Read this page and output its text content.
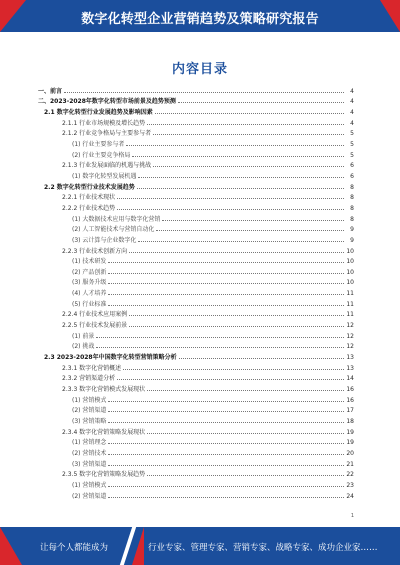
数字化转型企业营销趋势及策略研究报告
内容目录
一、前言	4
二、2023-2028年数字化转型市场前景及趋势预测	4
2.1 数字化转型行业发展趋势及影响因素	4
2.1.1 行业市场规模及增长趋势	4
2.1.2 行业竞争格局与主要参与者	5
(1) 行业主要参与者	5
(2) 行业主要竞争格局	5
2.1.3 行业发展面临的机遇与挑战	6
(1) 数字化转型发展机遇	6
2.2 数字化转型行业技术发展趋势	8
2.2.1 行业技术现状	8
2.2.2 行业技术趋势	8
(1) 大数据技术应用与数字化营销	8
(2) 人工智能技术与营销自动化	9
(3) 云计算与企业数字化	9
2.2.3 行业技术创新方向	10
(1) 技术研发	10
(2) 产品创新	10
(3) 服务升级	10
(4) 人才培养	11
(5) 行业标准	11
2.2.4 行业技术应用案例	11
2.2.5 行业技术发展前景	12
(1) 前景	12
(2) 挑战	12
2.3 2023-2028年中国数字化转型营销策略分析	13
2.3.1 数字化营销概述	13
2.3.2 营销渠道分析	14
2.3.3 数字化营销模式发展现状	16
(1) 营销模式	16
(2) 营销渠道	17
(3) 营销策略	18
2.3.4 数字化营销策略发展现状	19
(1) 营销理念	19
(2) 营销技术	20
(3) 营销渠道	21
2.3.5 数字化营销策略发展趋势	22
(1) 营销模式	23
(2) 营销渠道	24
1
让每个人都能成为	行业专家、管理专家、营销专家、战略专家、成功企业家……
